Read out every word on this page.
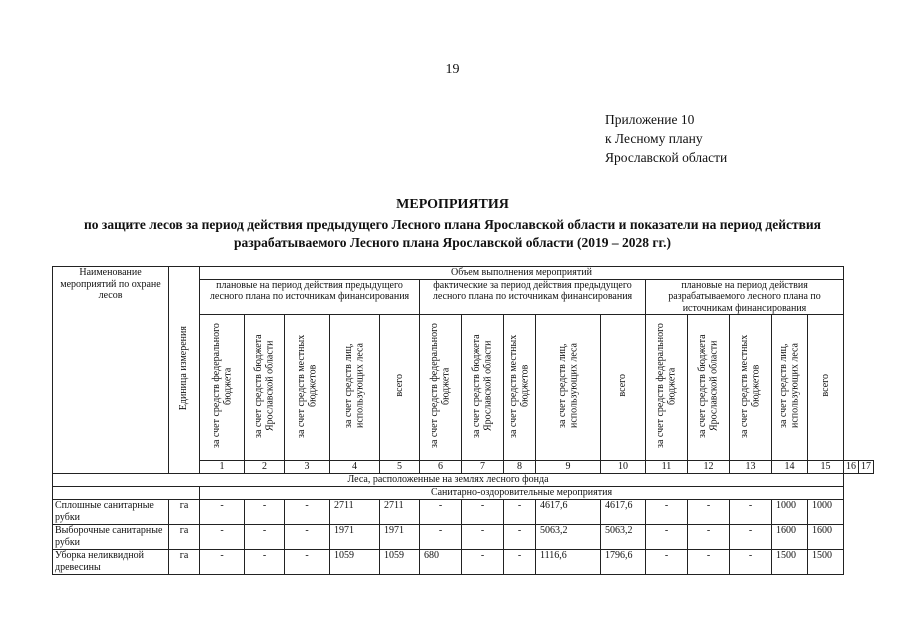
19
Приложение 10
к Лесному плану
Ярославской области
МЕРОПРИЯТИЯ
по защите лесов за период действия предыдущего Лесного плана Ярославской области и показатели на период действия разрабатываемого Лесного плана Ярославской области (2019 – 2028 гг.)
Наименование мероприятий по охране лесов	Единица измерения	Объем выполнения мероприятий																
		плановые на период действия предыдущего лесного плана по источникам финансирования					фактические за период действия предыдущего лесного плана по источникам финансирования					плановые на период действия разрабатываемого лесного плана по источникам финансирования						
		за счет средств федерального бюджета	за счет средств бюджета Ярославской области	за счет средств местных бюджетов	за счет средств лиц, использующих леса	всего	за счет средств федерального бюджета	за счет средств бюджета Ярославской области	за счет средств местных бюджетов	за счет средств лиц, использующих леса	всего	за счет средств федерального бюджета	за счет средств бюджета Ярославской области	за счет средств местных бюджетов	за счет средств лиц, использующих леса	всего		
		1	2	3	4	5	6	7	8	9	10	11	12	13	14	15	16	17
Леса, расположенные на землях лесного фонда																		
		Санитарно-оздоровительные мероприятия																
Сплошные санитарные рубки	га	-	-	-	2711	2711	-	-	-	4617,6	4617,6	-	-	-	1000	1000		
Выборочные санитарные рубки	га	-	-	-	1971	1971	-	-	-	5063,2	5063,2	-	-	-	1600	1600		
Уборка неликвидной древесины	га	-	-	-	1059	1059	680	-	-	1116,6	1796,6	-	-	-	1500	1500		
